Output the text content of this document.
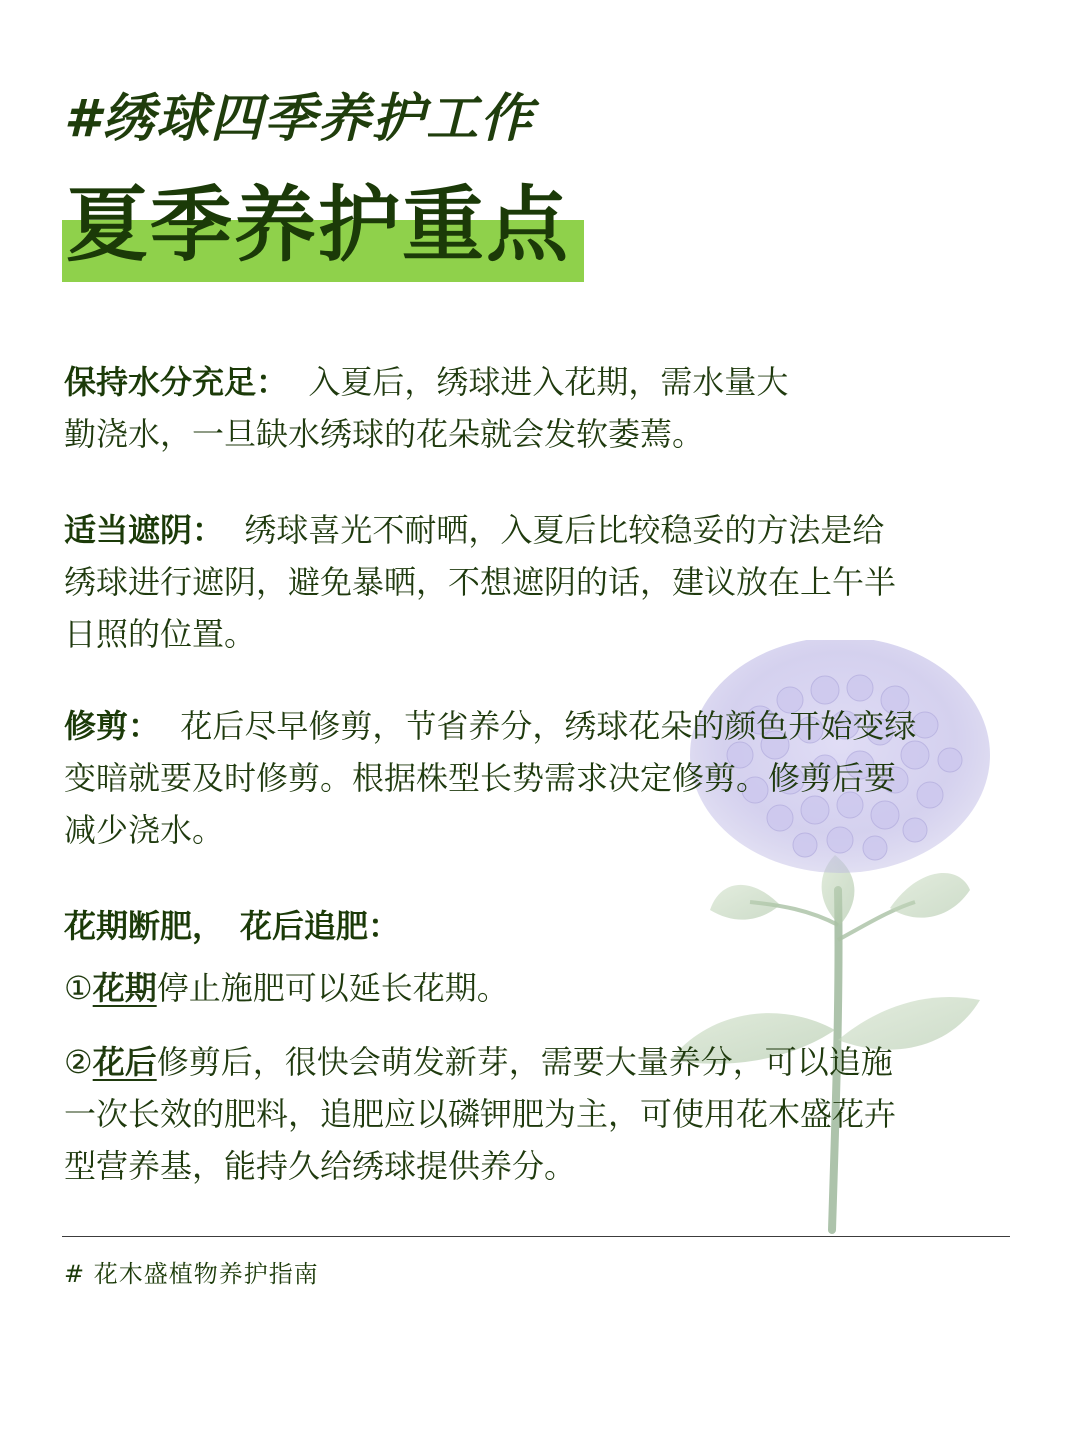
#绣球四季养护工作
夏季养护重点
保持水分充足： 入夏后，绣球进入花期，需水量大
勤浇水，一旦缺水绣球的花朵就会发软萎蔫。
适当遮阴： 绣球喜光不耐晒，入夏后比较稳妥的方法是给
绣球进行遮阴，避免暴晒，不想遮阴的话，建议放在上午半
日照的位置。
修剪： 花后尽早修剪，节省养分，绣球花朵的颜色开始变绿
变暗就要及时修剪。根据株型长势需求决定修剪。修剪后要
减少浇水。
花期断肥，　花后追肥：
①花期停止施肥可以延长花期。
②花后修剪后，很快会萌发新芽，需要大量养分，可以追施
一次长效的肥料，追肥应以磷钾肥为主，可使用花木盛花卉
型营养基，能持久给绣球提供养分。
# 花木盛植物养护指南
